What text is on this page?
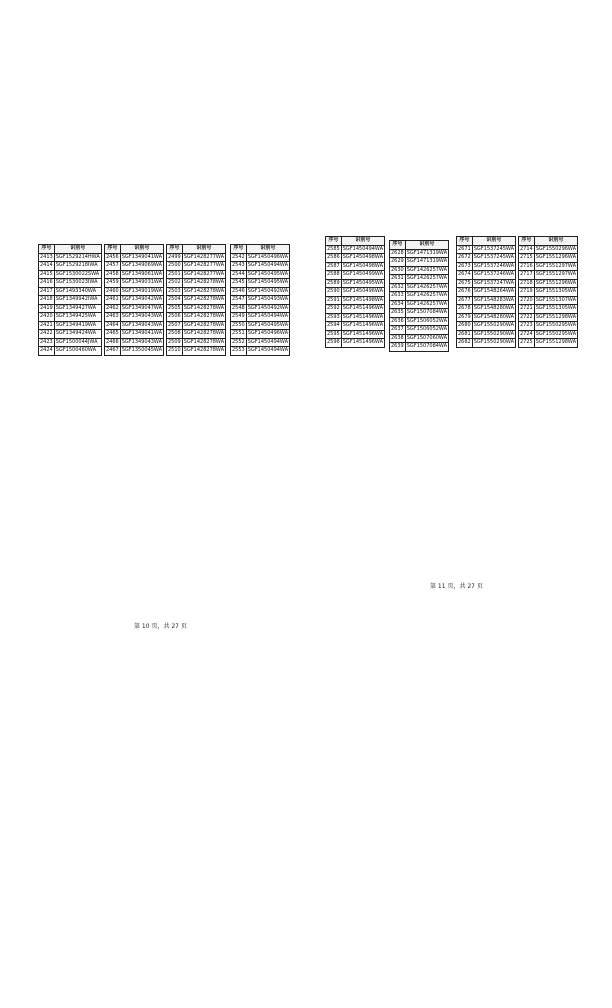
序号	识别号
2413	SGF1529214HWA
2414	SGF1529218IWA
2415	SGF1530022SWA
2416	SGF1530023IWA
2417	SGF1493340WA
2418	SGF1349942IWA
2419	SGF1349427WA
2420	SGF1349425WA
2421	SGF1349419WA
2422	SGF1349424WA
2423	SGF1500044JWA
2424	SGF1500460WA
序号	识别号
2456	SGF1349041WA
2457	SGF1349069WA
2458	SGF1349061WA
2459	SGF1349031WA
2460	SGF1349019WA
2461	SGF1349042WA
2462	SGF1349047WA
2463	SGF1349043WA
2464	SGF1349043WA
2465	SGF1349041WA
2466	SGF1349043WA
2467	SGF1350045WA
序号	识别号
2499	SGF1428277WA
2500	SGF1428277WA
2501	SGF1428277WA
2502	SGF1428278WA
2503	SGF1428278WA
2504	SGF1428278WA
2505	SGF1428278WA
2506	SGF1428278WA
2507	SGF1428278WA
2508	SGF1428278WA
2509	SGF1428278WA
2510	SGF1428278WA
序号	识别号
2542	SGF1450496WA
2543	SGF1450494WA
2544	SGF1450495WA
2545	SGF1450495WA
2546	SGF1450492WA
2547	SGF1450493WA
2548	SGF1450492WA
2549	SGF1450494WA
2550	SGF1450495WA
2551	SGF1450496WA
2552	SGF1450494WA
2553	SGF1450494WA
第 10 页，共 27 页
序号	识别号
2585	SGF1450494WA
2586	SGF1450498WA
2587	SGF1450498WA
2588	SGF1450499WA
2589	SGF1450495WA
2590	SGF1450496WA
2591	SGF1451498WA
2592	SGF1451496WA
2593	SGF1451496WA
2594	SGF1451496WA
2595	SGF1451496WA
2596	SGF1451496WA
序号	识别号
2628	SGF1471319WA
2629	SGF1471319WA
2630	SGF1426257WA
2631	SGF1426257WA
2632	SGF1426257WA
2633	SGF1426257WA
2634	SGF1426257WA
2635	SGF1507084WA
2636	SGF1506052WA
2637	SGF1506052WA
2638	SGF1507060WA
2639	SGF1507084WA
序号	识别号
2671	SGF1537245WA
2672	SGF1537245WA
2673	SGF1537246WA
2674	SGF1537246WA
2675	SGF1537247WA
2676	SGF1548264WA
2677	SGF1548283WA
2678	SGF1548280WA
2679	SGF1548280WA
2680	SGF1550290WA
2681	SGF1550290WA
2682	SGF1550290WA
序号	识别号
2714	SGF1550296WA
2715	SGF1551296WA
2716	SGF1551297WA
2717	SGF1551297WA
2718	SGF1551296WA
2719	SGF1551305WA
2720	SGF1551307WA
2721	SGF1551305WA
2722	SGF1551298WA
2723	SGF1550295WA
2724	SGF1550295WA
2725	SGF1551298WA
第 11 页，共 27 页
